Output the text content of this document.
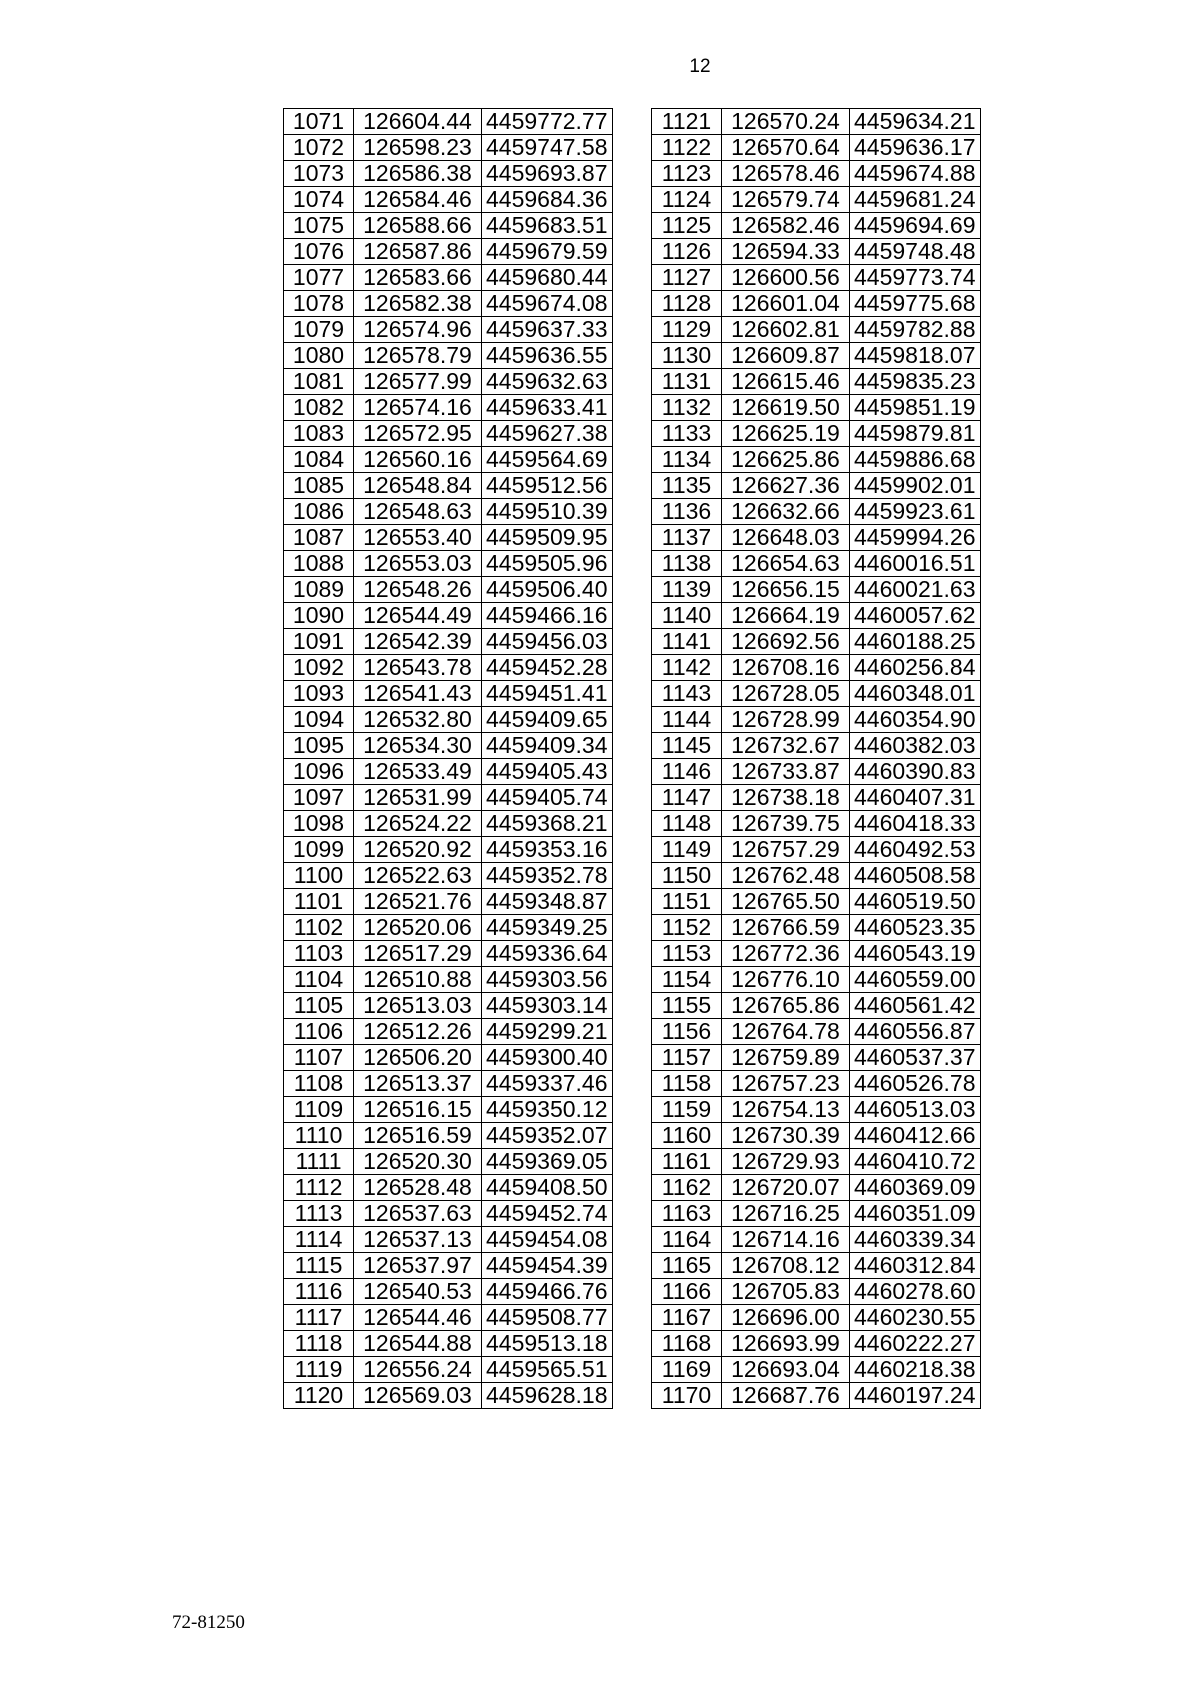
12
1071	126604.44	4459772.77
1072	126598.23	4459747.58
1073	126586.38	4459693.87
1074	126584.46	4459684.36
1075	126588.66	4459683.51
1076	126587.86	4459679.59
1077	126583.66	4459680.44
1078	126582.38	4459674.08
1079	126574.96	4459637.33
1080	126578.79	4459636.55
1081	126577.99	4459632.63
1082	126574.16	4459633.41
1083	126572.95	4459627.38
1084	126560.16	4459564.69
1085	126548.84	4459512.56
1086	126548.63	4459510.39
1087	126553.40	4459509.95
1088	126553.03	4459505.96
1089	126548.26	4459506.40
1090	126544.49	4459466.16
1091	126542.39	4459456.03
1092	126543.78	4459452.28
1093	126541.43	4459451.41
1094	126532.80	4459409.65
1095	126534.30	4459409.34
1096	126533.49	4459405.43
1097	126531.99	4459405.74
1098	126524.22	4459368.21
1099	126520.92	4459353.16
1100	126522.63	4459352.78
1101	126521.76	4459348.87
1102	126520.06	4459349.25
1103	126517.29	4459336.64
1104	126510.88	4459303.56
1105	126513.03	4459303.14
1106	126512.26	4459299.21
1107	126506.20	4459300.40
1108	126513.37	4459337.46
1109	126516.15	4459350.12
1110	126516.59	4459352.07
1111	126520.30	4459369.05
1112	126528.48	4459408.50
1113	126537.63	4459452.74
1114	126537.13	4459454.08
1115	126537.97	4459454.39
1116	126540.53	4459466.76
1117	126544.46	4459508.77
1118	126544.88	4459513.18
1119	126556.24	4459565.51
1120	126569.03	4459628.18
1121	126570.24	4459634.21
1122	126570.64	4459636.17
1123	126578.46	4459674.88
1124	126579.74	4459681.24
1125	126582.46	4459694.69
1126	126594.33	4459748.48
1127	126600.56	4459773.74
1128	126601.04	4459775.68
1129	126602.81	4459782.88
1130	126609.87	4459818.07
1131	126615.46	4459835.23
1132	126619.50	4459851.19
1133	126625.19	4459879.81
1134	126625.86	4459886.68
1135	126627.36	4459902.01
1136	126632.66	4459923.61
1137	126648.03	4459994.26
1138	126654.63	4460016.51
1139	126656.15	4460021.63
1140	126664.19	4460057.62
1141	126692.56	4460188.25
1142	126708.16	4460256.84
1143	126728.05	4460348.01
1144	126728.99	4460354.90
1145	126732.67	4460382.03
1146	126733.87	4460390.83
1147	126738.18	4460407.31
1148	126739.75	4460418.33
1149	126757.29	4460492.53
1150	126762.48	4460508.58
1151	126765.50	4460519.50
1152	126766.59	4460523.35
1153	126772.36	4460543.19
1154	126776.10	4460559.00
1155	126765.86	4460561.42
1156	126764.78	4460556.87
1157	126759.89	4460537.37
1158	126757.23	4460526.78
1159	126754.13	4460513.03
1160	126730.39	4460412.66
1161	126729.93	4460410.72
1162	126720.07	4460369.09
1163	126716.25	4460351.09
1164	126714.16	4460339.34
1165	126708.12	4460312.84
1166	126705.83	4460278.60
1167	126696.00	4460230.55
1168	126693.99	4460222.27
1169	126693.04	4460218.38
1170	126687.76	4460197.24
72-81250
